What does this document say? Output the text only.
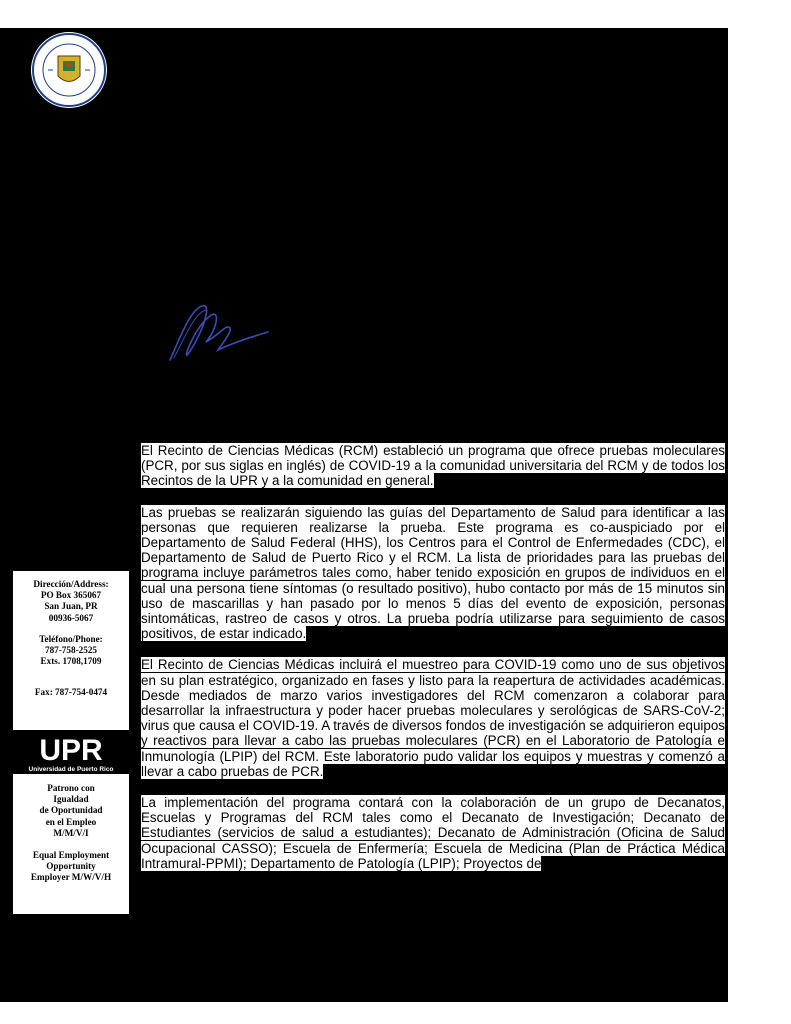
El Recinto de Ciencias Médicas (RCM) estableció un programa que ofrece pruebas moleculares (PCR, por sus siglas en inglés) de COVID-19 a la comunidad universitaria del RCM y de todos los Recintos de la UPR y a la comunidad en general.

Las pruebas se realizarán siguiendo las guías del Departamento de Salud para identificar a las personas que requieren realizarse la prueba. Este programa es co-auspiciado por el Departamento de Salud Federal (HHS), los Centros para el Control de Enfermedades (CDC), el Departamento de Salud de Puerto Rico y el RCM. La lista de prioridades para las pruebas del programa incluye parámetros tales como, haber tenido exposición en grupos de individuos en el cual una persona tiene síntomas (o resultado positivo), hubo contacto por más de 15 minutos sin uso de mascarillas y han pasado por lo menos 5 días del evento de exposición, personas sintomáticas, rastreo de casos y otros. La prueba podría utilizarse para seguimiento de casos positivos, de estar indicado.

El Recinto de Ciencias Médicas incluirá el muestreo para COVID-19 como uno de sus objetivos en su plan estratégico, organizado en fases y listo para la reapertura de actividades académicas. Desde mediados de marzo varios investigadores del RCM comenzaron a colaborar para desarrollar la infraestructura y poder hacer pruebas moleculares y serológicas de SARS-CoV-2; virus que causa el COVID-19. A través de diversos fondos de investigación se adquirieron equipos y reactivos para llevar a cabo las pruebas moleculares (PCR) en el Laboratorio de Patología e Inmunología (LPIP) del RCM. Este laboratorio pudo validar los equipos y muestras y comenzó a llevar a cabo pruebas de PCR.

La implementación del programa contará con la colaboración de un grupo de Decanatos, Escuelas y Programas del RCM tales como el Decanato de Investigación; Decanato de Estudiantes (servicios de salud a estudiantes); Decanato de Administración (Oficina de Salud Ocupacional CASSO); Escuela de Enfermería; Escuela de Medicina (Plan de Práctica Médica Intramural-PPMI); Departamento de Patología (LPIP); Proyectos de

Dirección/Address:
PO Box 365067
San Juan, PR
00936-5067
Teléfono/Phone:
787-758-2525
Exts. 1708,1709
Fax: 787-754-0474
UPR
Universidad de Puerto Rico
Patrono con
Igualdad
de Oportunidad
en el Empleo
M/M/V/I
Equal Employment
Opportunity
Employer M/W/V/H
